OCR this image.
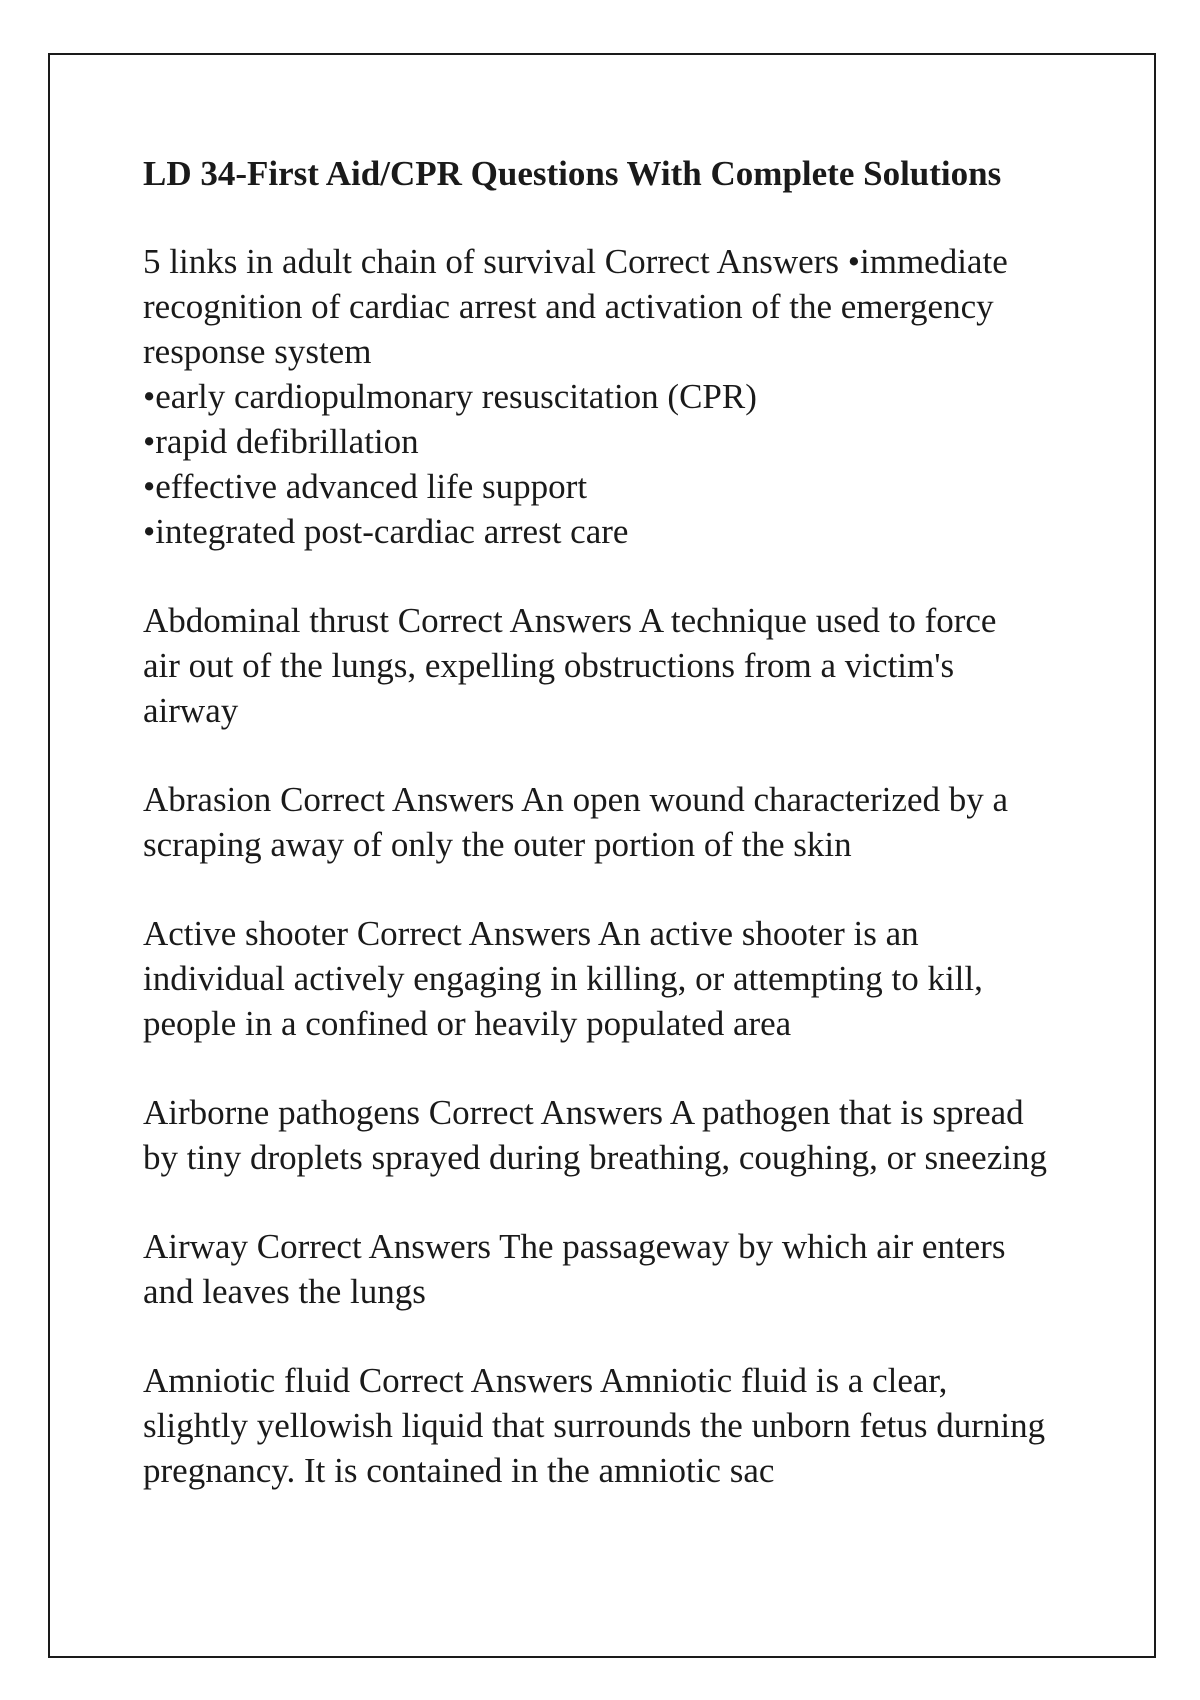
LD 34-First Aid/CPR Questions With Complete Solutions
5 links in adult chain of survival Correct Answers •immediate
recognition of cardiac arrest and activation of the emergency
response system
•early cardiopulmonary resuscitation (CPR)
•rapid defibrillation
•effective advanced life support
•integrated post-cardiac arrest care
Abdominal thrust Correct Answers A technique used to force
air out of the lungs, expelling obstructions from a victim's
airway
Abrasion Correct Answers An open wound characterized by a
scraping away of only the outer portion of the skin
Active shooter Correct Answers An active shooter is an
individual actively engaging in killing, or attempting to kill,
people in a confined or heavily populated area
Airborne pathogens Correct Answers A pathogen that is spread
by tiny droplets sprayed during breathing, coughing, or sneezing
Airway Correct Answers The passageway by which air enters
and leaves the lungs
Amniotic fluid Correct Answers Amniotic fluid is a clear,
slightly yellowish liquid that surrounds the unborn fetus durning
pregnancy. It is contained in the amniotic sac
